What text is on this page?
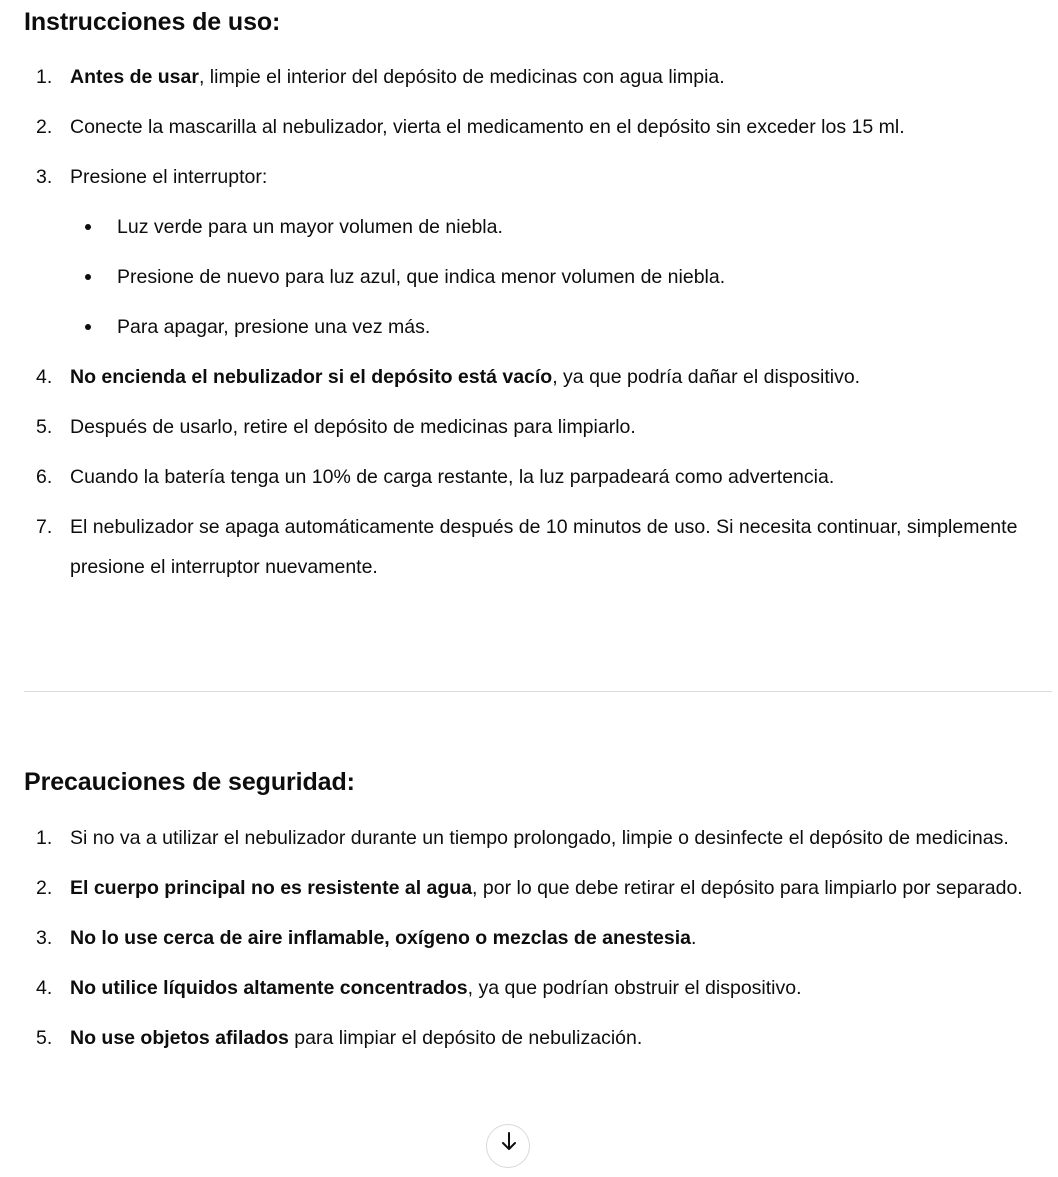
Instrucciones de uso:
1. Antes de usar, limpie el interior del depósito de medicinas con agua limpia.
2. Conecte la mascarilla al nebulizador, vierta el medicamento en el depósito sin exceder los 15 ml.
3. Presione el interruptor:
Luz verde para un mayor volumen de niebla.
Presione de nuevo para luz azul, que indica menor volumen de niebla.
Para apagar, presione una vez más.
4. No encienda el nebulizador si el depósito está vacío, ya que podría dañar el dispositivo.
5. Después de usarlo, retire el depósito de medicinas para limpiarlo.
6. Cuando la batería tenga un 10% de carga restante, la luz parpadeará como advertencia.
7. El nebulizador se apaga automáticamente después de 10 minutos de uso. Si necesita continuar, simplemente presione el interruptor nuevamente.
Precauciones de seguridad:
1. Si no va a utilizar el nebulizador durante un tiempo prolongado, limpie o desinfecte el depósito de medicinas.
2. El cuerpo principal no es resistente al agua, por lo que debe retirar el depósito para limpiarlo por separado.
3. No lo use cerca de aire inflamable, oxígeno o mezclas de anestesia.
4. No utilice líquidos altamente concentrados, ya que podrían obstruir el dispositivo.
5. No use objetos afilados para limpiar el depósito de nebulización.
